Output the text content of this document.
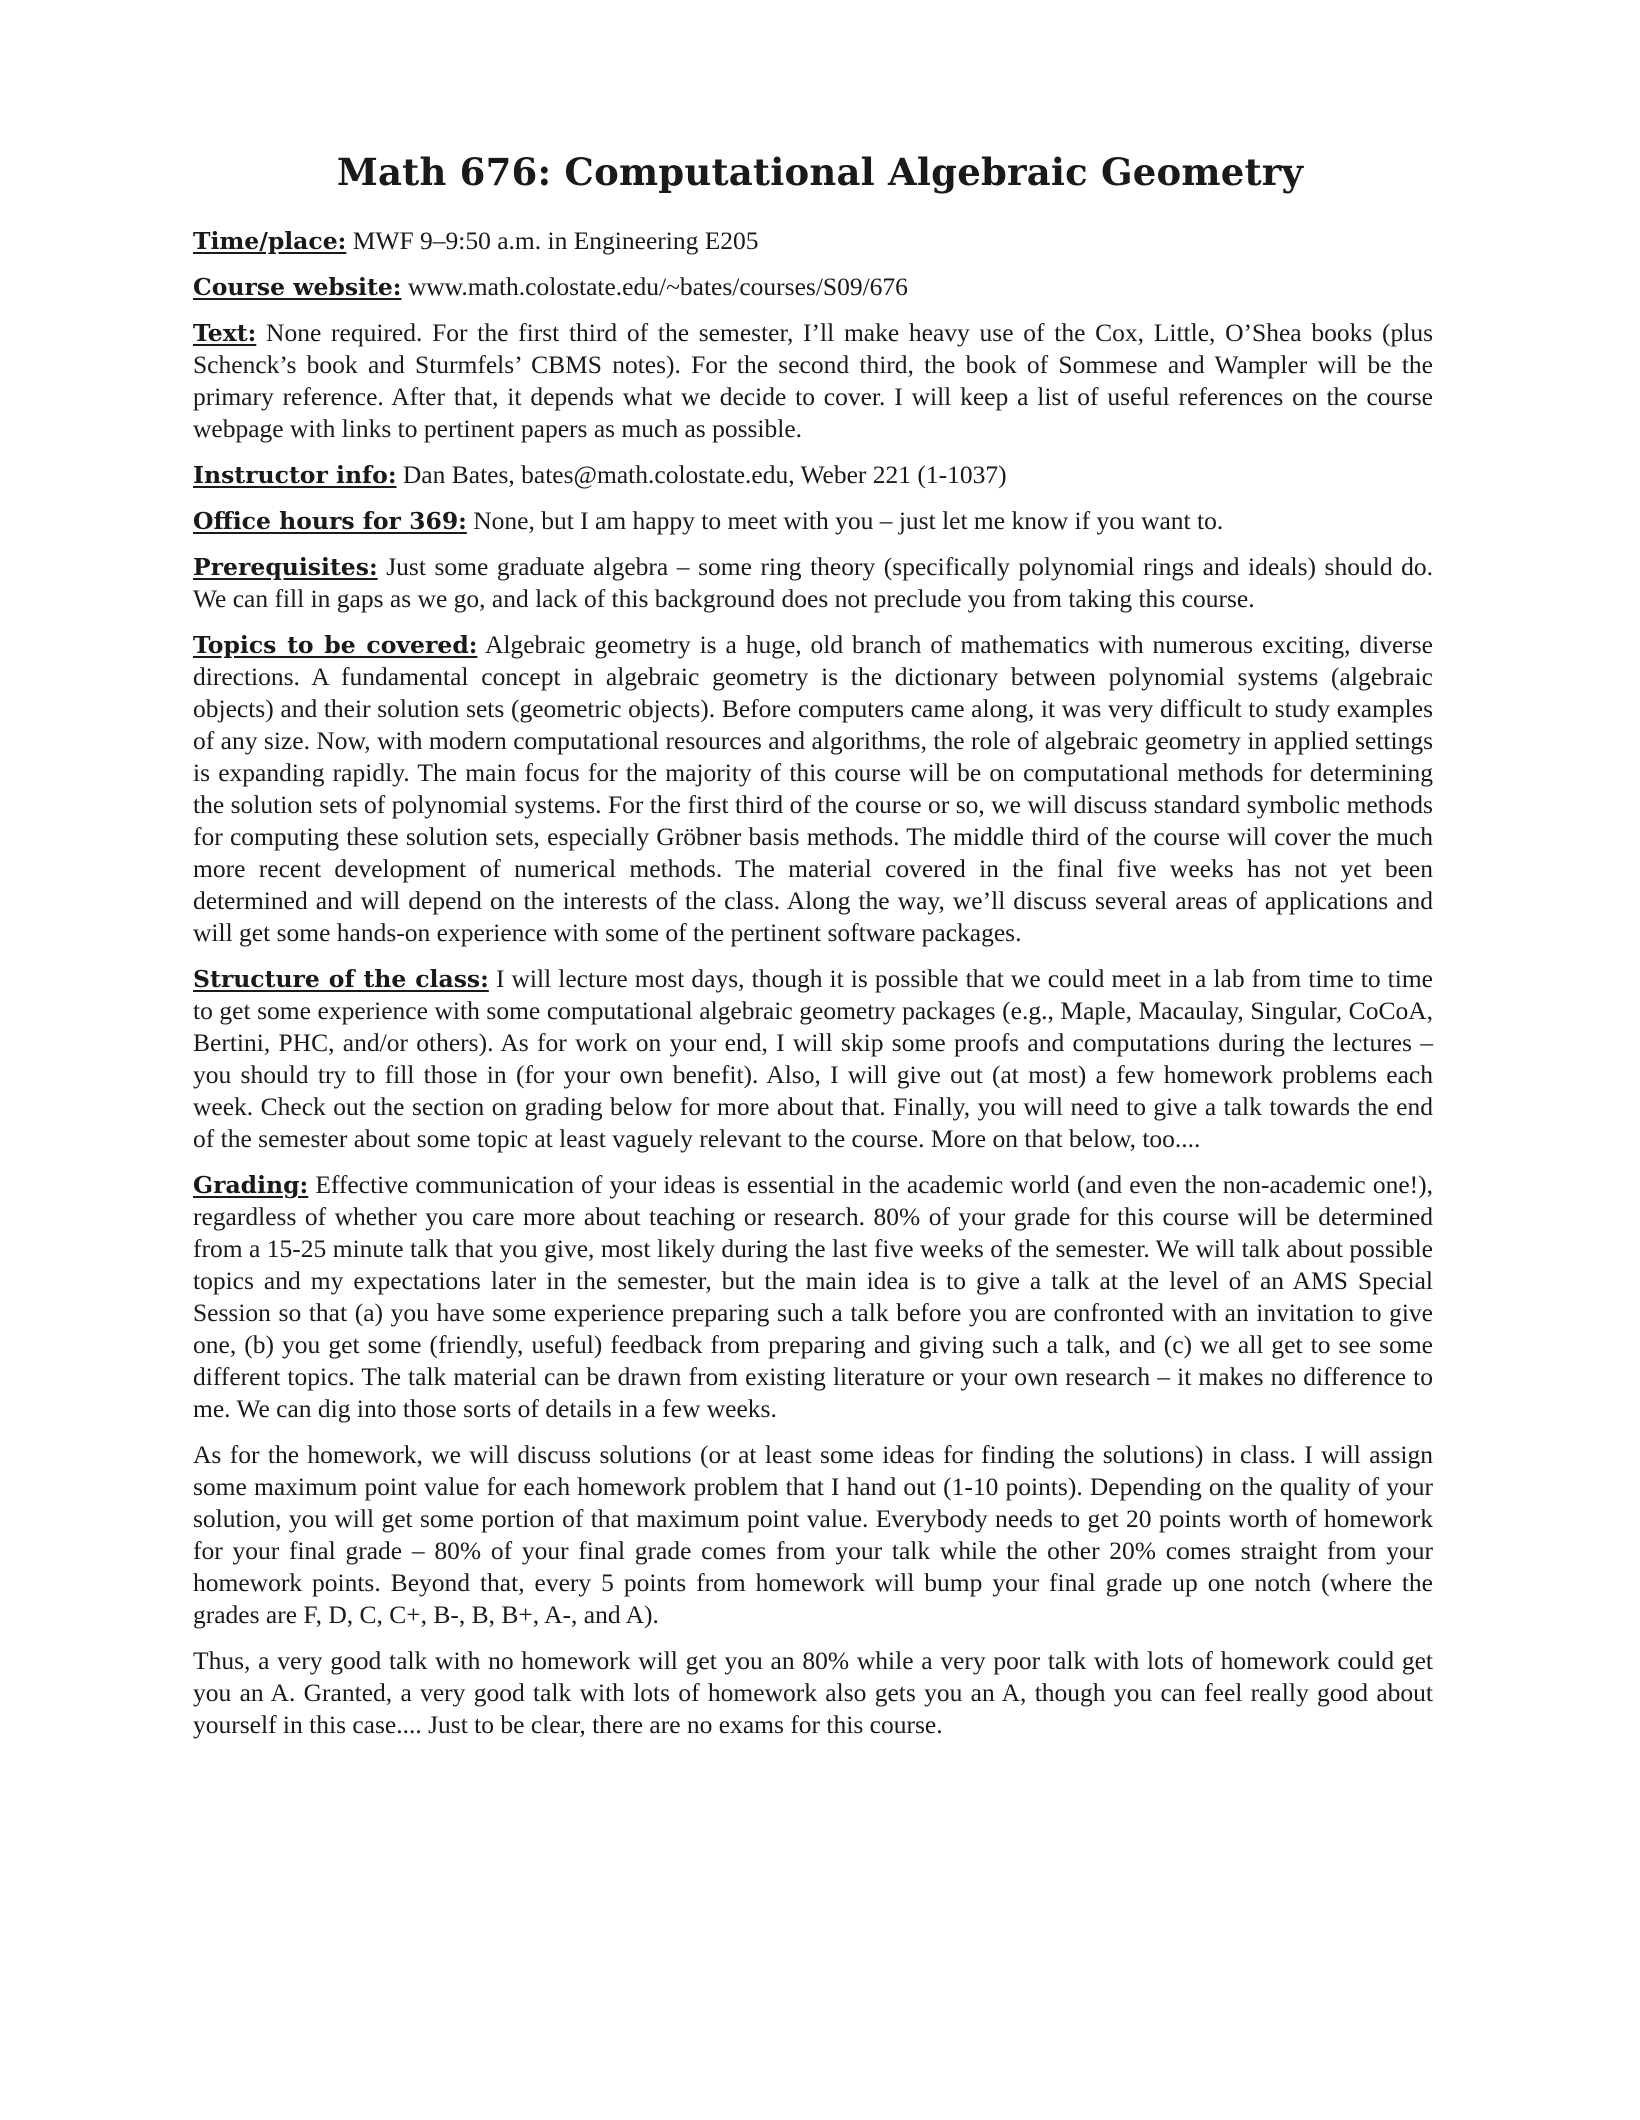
Math 676: Computational Algebraic Geometry

Time/place: MWF 9–9:50 a.m. in Engineering E205

Course website: www.math.colostate.edu/~bates/courses/S09/676

Text: None required. For the first third of the semester, I’ll make heavy use of the Cox, Little, O’Shea books (plus Schenck’s book and Sturmfels’ CBMS notes). For the second third, the book of Sommese and Wampler will be the primary reference. After that, it depends what we decide to cover. I will keep a list of useful references on the course webpage with links to pertinent papers as much as possible.

Instructor info: Dan Bates, bates@math.colostate.edu, Weber 221 (1-1037)

Office hours for 369: None, but I am happy to meet with you – just let me know if you want to.

Prerequisites: Just some graduate algebra – some ring theory (specifically polynomial rings and ideals) should do. We can fill in gaps as we go, and lack of this background does not preclude you from taking this course.

Topics to be covered: Algebraic geometry is a huge, old branch of mathematics with numerous exciting, diverse directions. A fundamental concept in algebraic geometry is the dictionary between polynomial systems (algebraic objects) and their solution sets (geometric objects). Before computers came along, it was very difficult to study examples of any size. Now, with modern computational resources and algorithms, the role of algebraic geometry in applied settings is expanding rapidly. The main focus for the majority of this course will be on computational methods for determining the solution sets of polynomial systems. For the first third of the course or so, we will discuss standard symbolic methods for computing these solution sets, especially Gröbner basis methods. The middle third of the course will cover the much more recent development of numerical methods. The material covered in the final five weeks has not yet been determined and will depend on the interests of the class. Along the way, we’ll discuss several areas of applications and will get some hands-on experience with some of the pertinent software packages.

Structure of the class: I will lecture most days, though it is possible that we could meet in a lab from time to time to get some experience with some computational algebraic geometry packages (e.g., Maple, Macaulay, Singular, CoCoA, Bertini, PHC, and/or others). As for work on your end, I will skip some proofs and computations during the lectures – you should try to fill those in (for your own benefit). Also, I will give out (at most) a few homework problems each week. Check out the section on grading below for more about that. Finally, you will need to give a talk towards the end of the semester about some topic at least vaguely relevant to the course. More on that below, too....

Grading: Effective communication of your ideas is essential in the academic world (and even the non-academic one!), regardless of whether you care more about teaching or research. 80% of your grade for this course will be determined from a 15-25 minute talk that you give, most likely during the last five weeks of the semester. We will talk about possible topics and my expectations later in the semester, but the main idea is to give a talk at the level of an AMS Special Session so that (a) you have some experience preparing such a talk before you are confronted with an invitation to give one, (b) you get some (friendly, useful) feedback from preparing and giving such a talk, and (c) we all get to see some different topics. The talk material can be drawn from existing literature or your own research – it makes no difference to me. We can dig into those sorts of details in a few weeks.

As for the homework, we will discuss solutions (or at least some ideas for finding the solutions) in class. I will assign some maximum point value for each homework problem that I hand out (1-10 points). Depending on the quality of your solution, you will get some portion of that maximum point value. Everybody needs to get 20 points worth of homework for your final grade – 80% of your final grade comes from your talk while the other 20% comes straight from your homework points. Beyond that, every 5 points from homework will bump your final grade up one notch (where the grades are F, D, C, C+, B-, B, B+, A-, and A).

Thus, a very good talk with no homework will get you an 80% while a very poor talk with lots of homework could get you an A. Granted, a very good talk with lots of homework also gets you an A, though you can feel really good about yourself in this case.... Just to be clear, there are no exams for this course.
